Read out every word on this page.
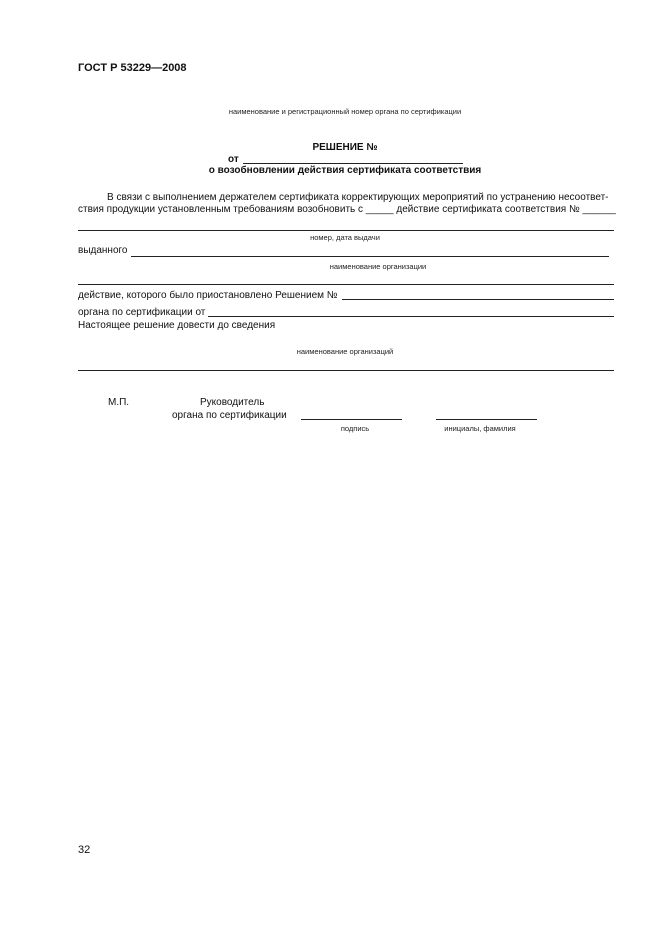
ГОСТ Р 53229—2008
наименование и регистрационный номер органа по сертификации
РЕШЕНИЕ №
от
о возобновлении действия сертификата соответствия
В связи с выполнением держателем сертификата корректирующих мероприятий по устранению несоответ-
ствия продукции установленным требованиям возобновить с _____ действие сертификата соответствия № ______
номер, дата выдачи
выданного
наименование организации
действие, которого было приостановлено Решением №
органа по сертификации от
Настоящее решение довести до сведения
наименование организаций
М.П.	Руководитель
органа по сертификации
подпись	инициалы, фамилия
32
